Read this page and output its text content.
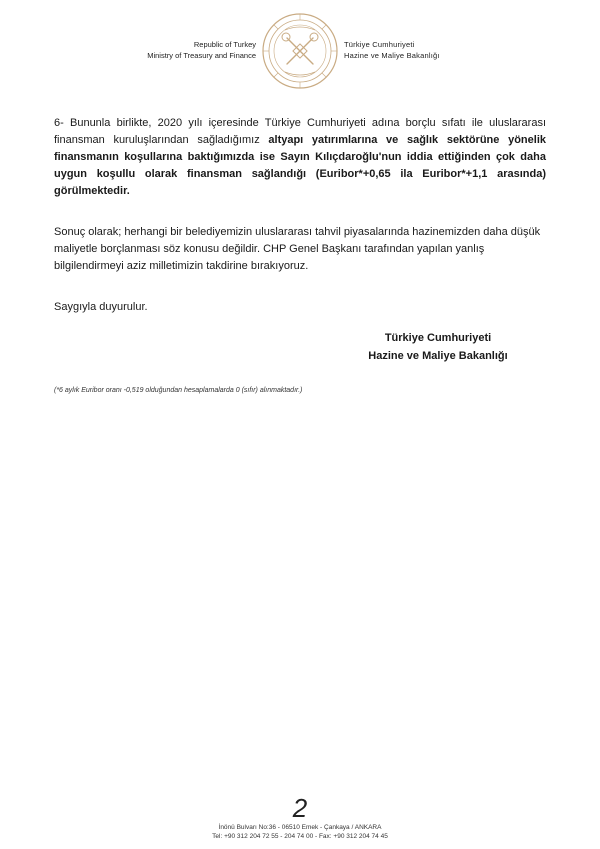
Republic of Turkey
Ministry of Treasury and Finance
Türkiye Cumhuriyeti
Hazine ve Maliye Bakanlığı

6- Bununla birlikte, 2020 yılı içeresinde Türkiye Cumhuriyeti adına borçlu sıfatı ile uluslararası finansman kuruluşlarından sağladığımız altyapı yatırımlarına ve sağlık sektörüne yönelik finansmanın koşullarına baktığımızda ise Sayın Kılıçdaroğlu'nun iddia ettiğinden çok daha uygun koşullu olarak finansman sağlandığı (Euribor*+0,65 ila Euribor*+1,1 arasında) görülmektedir.

Sonuç olarak; herhangi bir belediyemizin uluslararası tahvil piyasalarında hazinemizden daha düşük maliyetle borçlanması söz konusu değildir. CHP Genel Başkanı tarafından yapılan yanlış bilgilendirmeyi aziz milletimizin takdirine bırakıyoruz.

Saygıyla duyurulur.

Türkiye Cumhuriyeti
Hazine ve Maliye Bakanlığı
(*6 aylık Euribor oranı -0,519 olduğundan hesaplamalarda 0 (sıfır) alınmaktadır.)
2
İnönü Bulvarı No:36 - 06510 Emek - Çankaya / ANKARA
Tel: +90 312 204 72 55 - 204 74 00 - Fax: +90 312 204 74 45
